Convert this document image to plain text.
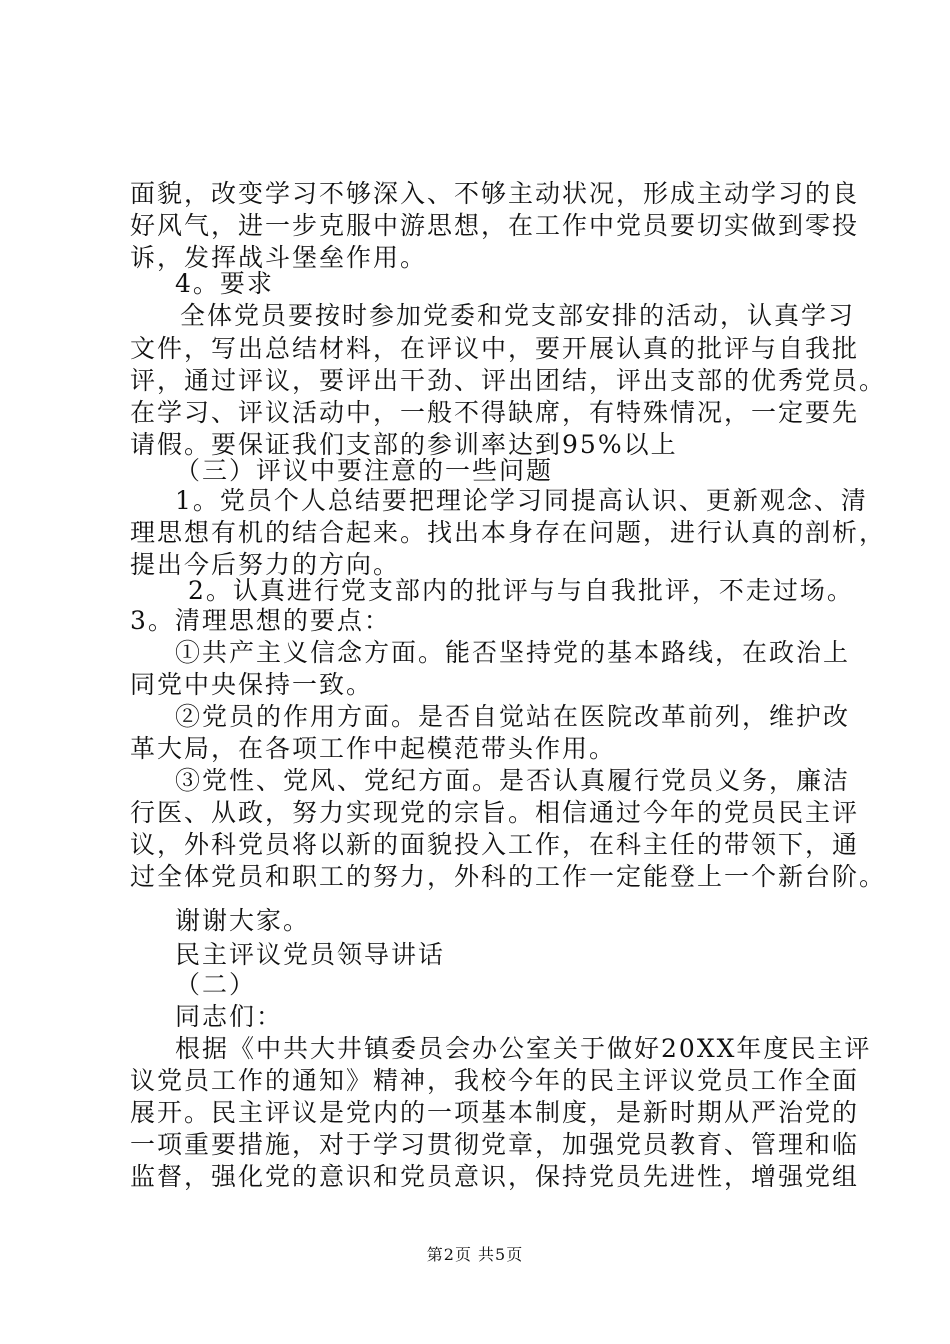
面貌，改变学习不够深入、不够主动状况，形成主动学习的良
好风气，进一步克服中游思想，在工作中党员要切实做到零投
诉，发挥战斗堡垒作用。
4。要求
全体党员要按时参加党委和党支部安排的活动，认真学习
文件，写出总结材料，在评议中，要开展认真的批评与自我批
评，通过评议，要评出干劲、评出团结，评出支部的优秀党员。
在学习、评议活动中，一般不得缺席，有特殊情况，一定要先
请假。要保证我们支部的参训率达到95%以上
（三）评议中要注意的一些问题
1。党员个人总结要把理论学习同提高认识、更新观念、清
理思想有机的结合起来。找出本身存在问题，进行认真的剖析，
提出今后努力的方向。
2。认真进行党支部内的批评与与自我批评，不走过场。
3。清理思想的要点：
①共产主义信念方面。能否坚持党的基本路线，在政治上
同党中央保持一致。
②党员的作用方面。是否自觉站在医院改革前列，维护改
革大局，在各项工作中起模范带头作用。
③党性、党风、党纪方面。是否认真履行党员义务，廉洁
行医、从政，努力实现党的宗旨。相信通过今年的党员民主评
议，外科党员将以新的面貌投入工作，在科主任的带领下，通
过全体党员和职工的努力，外科的工作一定能登上一个新台阶。
谢谢大家。
民主评议党员领导讲话
（二）
同志们：
根据《中共大井镇委员会办公室关于做好20XX年度民主评
议党员工作的通知》精神，我校今年的民主评议党员工作全面
展开。民主评议是党内的一项基本制度，是新时期从严治党的
一项重要措施，对于学习贯彻党章，加强党员教育、管理和临
监督，强化党的意识和党员意识，保持党员先进性，增强党组
第2页 共5页
